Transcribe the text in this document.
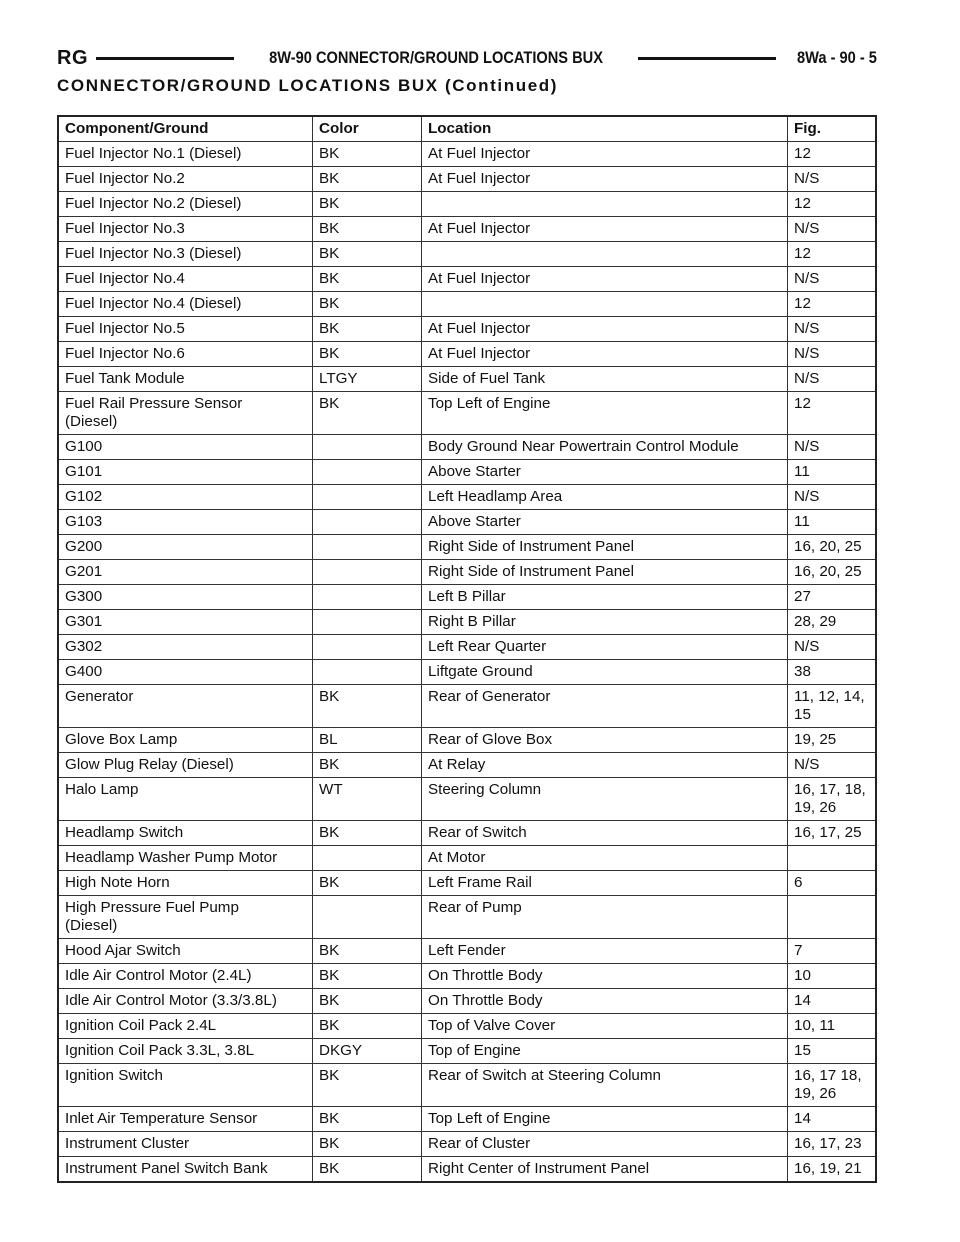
RG	8W-90 CONNECTOR/GROUND LOCATIONS BUX	8Wa - 90 - 5
CONNECTOR/GROUND LOCATIONS BUX (Continued)
Component/Ground	Color	Location	Fig.
Fuel Injector No.1 (Diesel)	BK	At Fuel Injector	12
Fuel Injector No.2	BK	At Fuel Injector	N/S
Fuel Injector No.2 (Diesel)	BK		12
Fuel Injector No.3	BK	At Fuel Injector	N/S
Fuel Injector No.3 (Diesel)	BK		12
Fuel Injector No.4	BK	At Fuel Injector	N/S
Fuel Injector No.4 (Diesel)	BK		12
Fuel Injector No.5	BK	At Fuel Injector	N/S
Fuel Injector No.6	BK	At Fuel Injector	N/S
Fuel Tank Module	LTGY	Side of Fuel Tank	N/S
Fuel Rail Pressure Sensor
(Diesel)	BK	Top Left of Engine	12
G100		Body Ground Near Powertrain Control Module	N/S
G101		Above Starter	11
G102		Left Headlamp Area	N/S
G103		Above Starter	11
G200		Right Side of Instrument Panel	16, 20, 25
G201		Right Side of Instrument Panel	16, 20, 25
G300		Left B Pillar	27
G301		Right B Pillar	28, 29
G302		Left Rear Quarter	N/S
G400		Liftgate Ground	38
Generator	BK	Rear of Generator	11, 12, 14,
15
Glove Box Lamp	BL	Rear of Glove Box	19, 25
Glow Plug Relay (Diesel)	BK	At Relay	N/S
Halo Lamp	WT	Steering Column	16, 17, 18,
19, 26
Headlamp Switch	BK	Rear of Switch	16, 17, 25
Headlamp Washer Pump Motor		At Motor	
High Note Horn	BK	Left Frame Rail	6
High Pressure Fuel Pump
(Diesel)		Rear of Pump	
Hood Ajar Switch	BK	Left Fender	7
Idle Air Control Motor (2.4L)	BK	On Throttle Body	10
Idle Air Control Motor (3.3/3.8L)	BK	On Throttle Body	14
Ignition Coil Pack 2.4L	BK	Top of Valve Cover	10, 11
Ignition Coil Pack 3.3L, 3.8L	DKGY	Top of Engine	15
Ignition Switch	BK	Rear of Switch at Steering Column	16, 17 18,
19, 26
Inlet Air Temperature Sensor	BK	Top Left of Engine	14
Instrument Cluster	BK	Rear of Cluster	16, 17, 23
Instrument Panel Switch Bank	BK	Right Center of Instrument Panel	16, 19, 21
